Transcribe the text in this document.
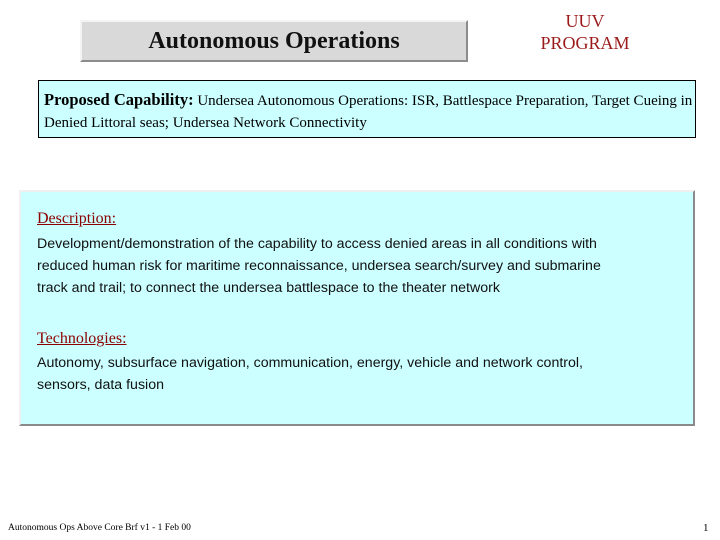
Autonomous Operations
UUV
PROGRAM
Proposed Capability: Undersea Autonomous Operations: ISR, Battlespace Preparation, Target Cueing in Denied Littoral seas; Undersea Network Connectivity
Description:
Development/demonstration of the capability to access denied areas in all conditions with
reduced human risk for maritime reconnaissance, undersea search/survey and submarine
track and trail; to connect the undersea battlespace to the theater network
Technologies:
Autonomy, subsurface navigation, communication, energy, vehicle and network control,
sensors, data fusion
Autonomous Ops Above Core Brf v1 - 1 Feb 00	1
